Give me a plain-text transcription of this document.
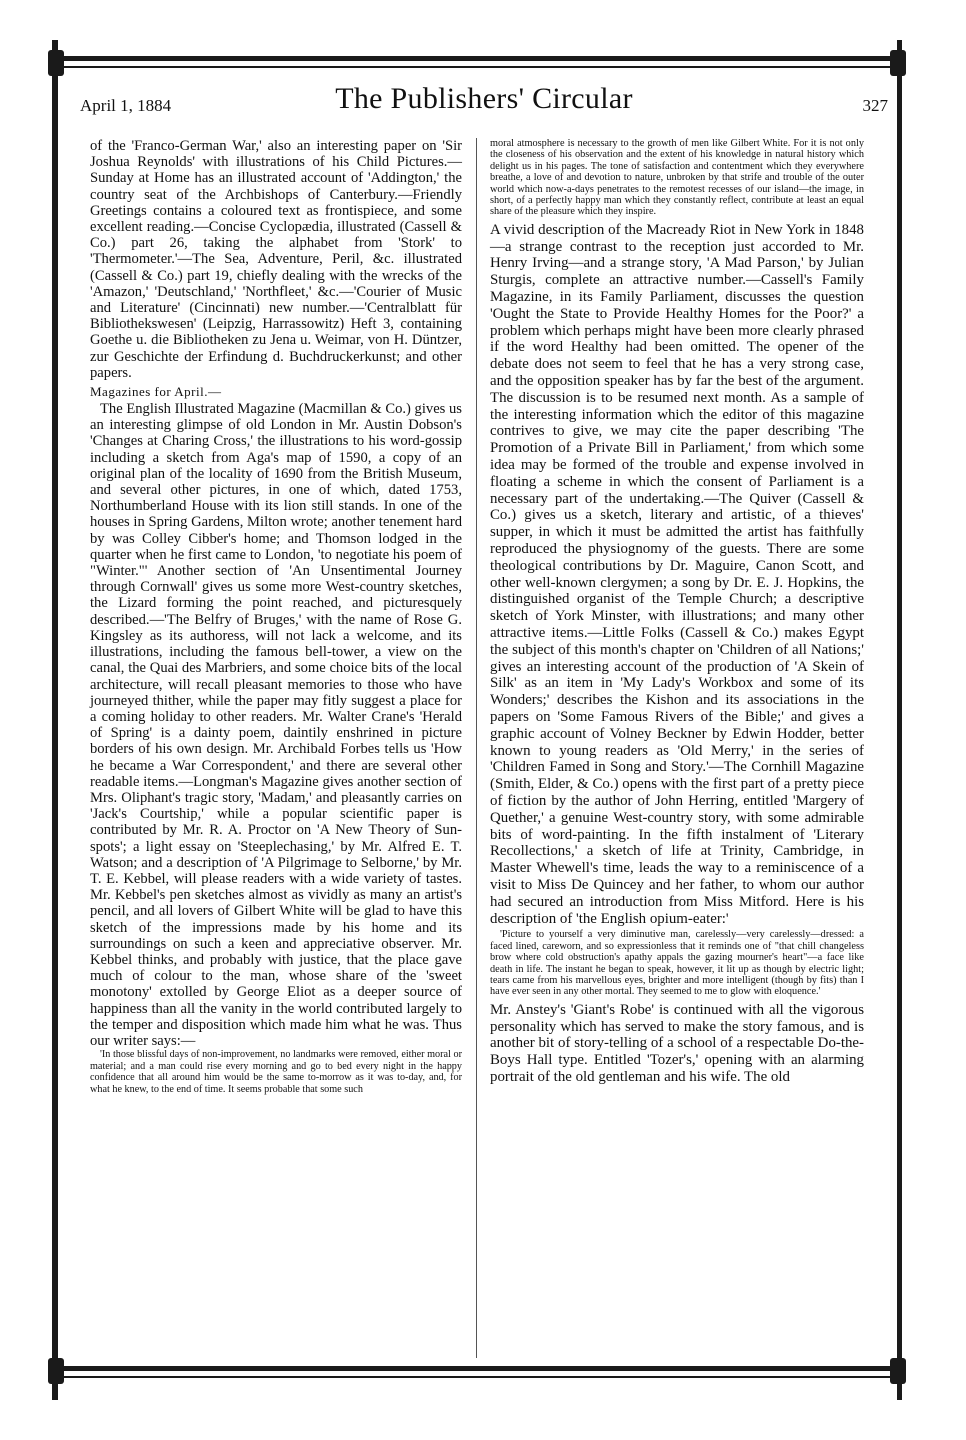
April 1, 1884	The Publishers' Circular	327

of the 'Franco-German War,' also an interesting paper on 'Sir Joshua Reynolds' with illustrations of his Child Pictures.—Sunday at Home has an illustrated account of 'Addington,' the country seat of the Archbishops of Canterbury.—Friendly Greetings contains a coloured text as frontispiece, and some excellent reading.—Concise Cyclopædia, illustrated (Cassell & Co.) part 26, taking the alphabet from 'Stork' to 'Thermometer.'—The Sea, Adventure, Peril, &c. illustrated (Cassell & Co.) part 19, chiefly dealing with the wrecks of the 'Amazon,' 'Deutschland,' 'Northfleet,' &c.—'Courier of Music and Literature' (Cincinnati) new number.—'Centralblatt für Bibliothekswesen' (Leipzig, Harrassowitz) Heft 3, containing Goethe u. die Bibliotheken zu Jena u. Weimar, von H. Düntzer, zur Geschichte der Erfindung d. Buchdruckerkunst; and other papers.

Magazines for April.—

The English Illustrated Magazine (Macmillan & Co.) gives us an interesting glimpse of old London in Mr. Austin Dobson's 'Changes at Charing Cross,' the illustrations to his word-gossip including a sketch from Aga's map of 1590, a copy of an original plan of the locality of 1690 from the British Museum, and several other pictures, in one of which, dated 1753, Northumberland House with its lion still stands. In one of the houses in Spring Gardens, Milton wrote; another tenement hard by was Colley Cibber's home; and Thomson lodged in the quarter when he first came to London, 'to negotiate his poem of "Winter."' Another section of 'An Unsentimental Journey through Cornwall' gives us some more West-country sketches, the Lizard forming the point reached, and picturesquely described.—'The Belfry of Bruges,' with the name of Rose G. Kingsley as its authoress, will not lack a welcome, and its illustrations, including the famous bell-tower, a view on the canal, the Quai des Marbriers, and some choice bits of the local architecture, will recall pleasant memories to those who have journeyed thither, while the paper may fitly suggest a place for a coming holiday to other readers. Mr. Walter Crane's 'Herald of Spring' is a dainty poem, daintily enshrined in picture borders of his own design. Mr. Archibald Forbes tells us 'How he became a War Correspondent,' and there are several other readable items.—Longman's Magazine gives another section of Mrs. Oliphant's tragic story, 'Madam,' and pleasantly carries on 'Jack's Courtship,' while a popular scientific paper is contributed by Mr. R. A. Proctor on 'A New Theory of Sun-spots'; a light essay on 'Steeplechasing,' by Mr. Alfred E. T. Watson; and a description of 'A Pilgrimage to Selborne,' by Mr. T. E. Kebbel, will please readers with a wide variety of tastes. Mr. Kebbel's pen sketches almost as vividly as many an artist's pencil, and all lovers of Gilbert White will be glad to have this sketch of the impressions made by his home and its surroundings on such a keen and appreciative observer. Mr. Kebbel thinks, and probably with justice, that the place gave much of colour to the man, whose share of the 'sweet monotony' extolled by George Eliot as a deeper source of happiness than all the vanity in the world contributed largely to the temper and disposition which made him what he was. Thus our writer says:—

'In those blissful days of non-improvement, no landmarks were removed, either moral or material; and a man could rise every morning and go to bed every night in the happy confidence that all around him would be the same to-morrow as it was to-day, and, for what he knew, to the end of time. It seems probable that some such

moral atmosphere is necessary to the growth of men like Gilbert White. For it is not only the closeness of his observation and the extent of his knowledge in natural history which delight us in his pages. The tone of satisfaction and contentment which they everywhere breathe, a love of and devotion to nature, unbroken by that strife and trouble of the outer world which now-a-days penetrates to the remotest recesses of our island—the image, in short, of a perfectly happy man which they constantly reflect, contribute at least an equal share of the pleasure which they inspire.

A vivid description of the Macready Riot in New York in 1848—a strange contrast to the reception just accorded to Mr. Henry Irving—and a strange story, 'A Mad Parson,' by Julian Sturgis, complete an attractive number.—Cassell's Family Magazine, in its Family Parliament, discusses the question 'Ought the State to Provide Healthy Homes for the Poor?' a problem which perhaps might have been more clearly phrased if the word Healthy had been omitted. The opener of the debate does not seem to feel that he has a very strong case, and the opposition speaker has by far the best of the argument. The discussion is to be resumed next month. As a sample of the interesting information which the editor of this magazine contrives to give, we may cite the paper describing 'The Promotion of a Private Bill in Parliament,' from which some idea may be formed of the trouble and expense involved in floating a scheme in which the consent of Parliament is a necessary part of the undertaking.—The Quiver (Cassell & Co.) gives us a sketch, literary and artistic, of a thieves' supper, in which it must be admitted the artist has faithfully reproduced the physiognomy of the guests. There are some theological contributions by Dr. Maguire, Canon Scott, and other well-known clergymen; a song by Dr. E. J. Hopkins, the distinguished organist of the Temple Church; a descriptive sketch of York Minster, with illustrations; and many other attractive items.—Little Folks (Cassell & Co.) makes Egypt the subject of this month's chapter on 'Children of all Nations;' gives an interesting account of the production of 'A Skein of Silk' as an item in 'My Lady's Workbox and some of its Wonders;' describes the Kishon and its associations in the papers on 'Some Famous Rivers of the Bible;' and gives a graphic account of Volney Beckner by Edwin Hodder, better known to young readers as 'Old Merry,' in the series of 'Children Famed in Song and Story.'—The Cornhill Magazine (Smith, Elder, & Co.) opens with the first part of a pretty piece of fiction by the author of John Herring, entitled 'Margery of Quether,' a genuine West-country story, with some admirable bits of word-painting. In the fifth instalment of 'Literary Recollections,' a sketch of life at Trinity, Cambridge, in Master Whewell's time, leads the way to a reminiscence of a visit to Miss De Quincey and her father, to whom our author had secured an introduction from Miss Mitford. Here is his description of 'the English opium-eater:'

'Picture to yourself a very diminutive man, carelessly—very carelessly—dressed: a faced lined, careworn, and so expressionless that it reminds one of "that chill changeless brow where cold obstruction's apathy appals the gazing mourner's heart"—a face like death in life. The instant he began to speak, however, it lit up as though by electric light; tears came from his marvellous eyes, brighter and more intelligent (though by fits) than I have ever seen in any other mortal. They seemed to me to glow with eloquence.'

Mr. Anstey's 'Giant's Robe' is continued with all the vigorous personality which has served to make the story famous, and is another bit of story-telling of a school of a respectable Do-the-Boys Hall type. Entitled 'Tozer's,' opening with an alarming portrait of the old gentleman and his wife. The old
